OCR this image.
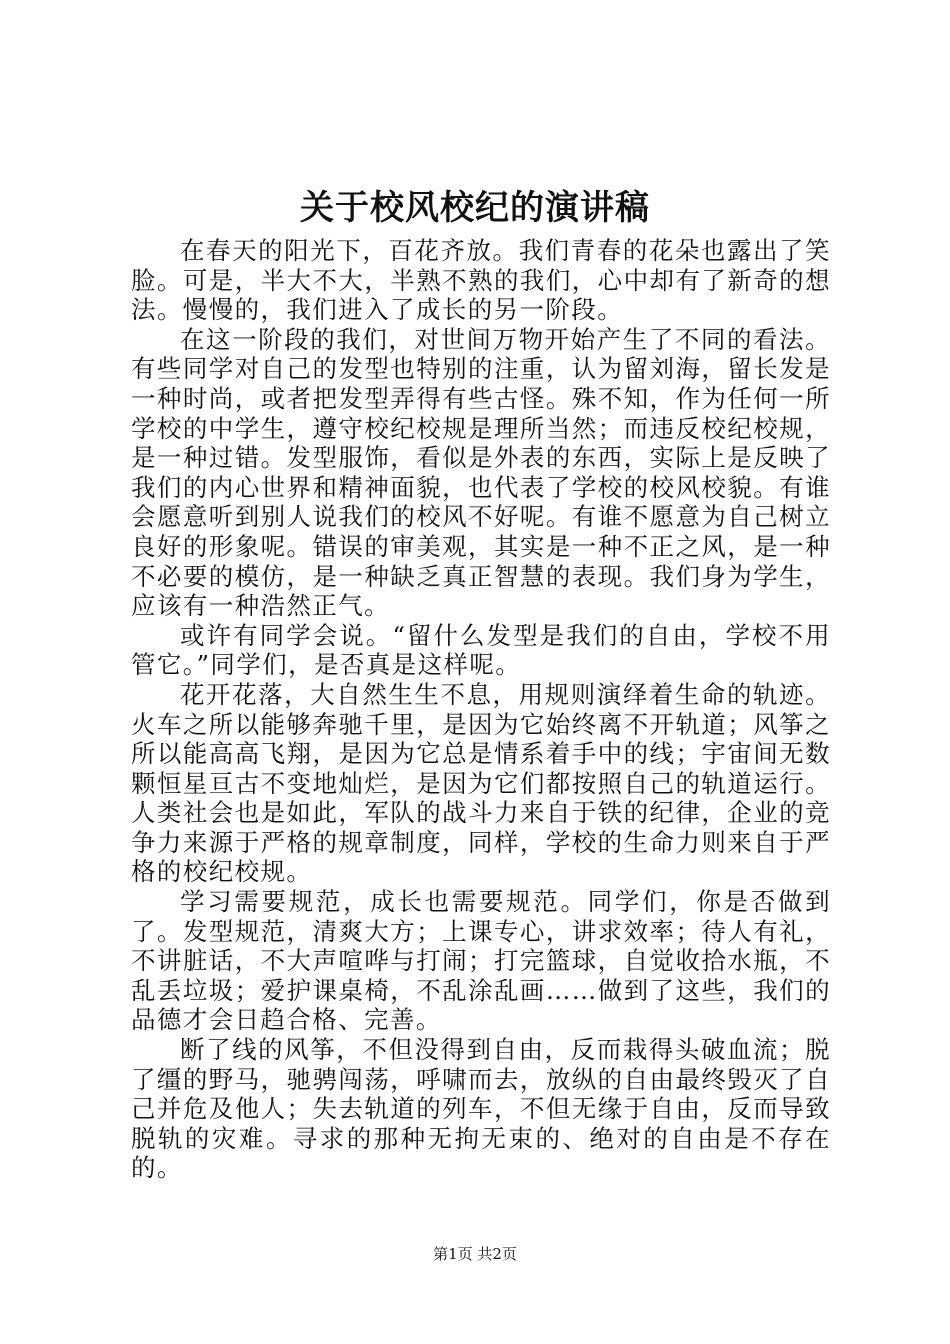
关于校风校纪的演讲稿

在春天的阳光下，百花齐放。我们青春的花朵也露出了笑脸。可是，半大不大，半熟不熟的我们，心中却有了新奇的想法。慢慢的，我们进入了成长的另一阶段。

在这一阶段的我们，对世间万物开始产生了不同的看法。有些同学对自己的发型也特别的注重，认为留刘海，留长发是一种时尚，或者把发型弄得有些古怪。殊不知，作为任何一所学校的中学生，遵守校纪校规是理所当然；而违反校纪校规，是一种过错。发型服饰，看似是外表的东西，实际上是反映了我们的内心世界和精神面貌，也代表了学校的校风校貌。有谁会愿意听到别人说我们的校风不好呢。有谁不愿意为自己树立良好的形象呢。错误的审美观，其实是一种不正之风，是一种不必要的模仿，是一种缺乏真正智慧的表现。我们身为学生，应该有一种浩然正气。

或许有同学会说。“留什么发型是我们的自由，学校不用管它。”同学们，是否真是这样呢。

花开花落，大自然生生不息，用规则演绎着生命的轨迹。火车之所以能够奔驰千里，是因为它始终离不开轨道；风筝之所以能高高飞翔，是因为它总是情系着手中的线；宇宙间无数颗恒星亘古不变地灿烂，是因为它们都按照自己的轨道运行。人类社会也是如此，军队的战斗力来自于铁的纪律，企业的竞争力来源于严格的规章制度，同样，学校的生命力则来自于严格的校纪校规。

学习需要规范，成长也需要规范。同学们，你是否做到了。发型规范，清爽大方；上课专心，讲求效率；待人有礼，不讲脏话，不大声喧哗与打闹；打完篮球，自觉收拾水瓶，不乱丢垃圾；爱护课桌椅，不乱涂乱画……做到了这些，我们的品德才会日趋合格、完善。

断了线的风筝，不但没得到自由，反而栽得头破血流；脱了缰的野马，驰骋闯荡，呼啸而去，放纵的自由最终毁灭了自己并危及他人；失去轨道的列车，不但无缘于自由，反而导致脱轨的灾难。寻求的那种无拘无束的、绝对的自由是不存在的。

第1页 共2页
